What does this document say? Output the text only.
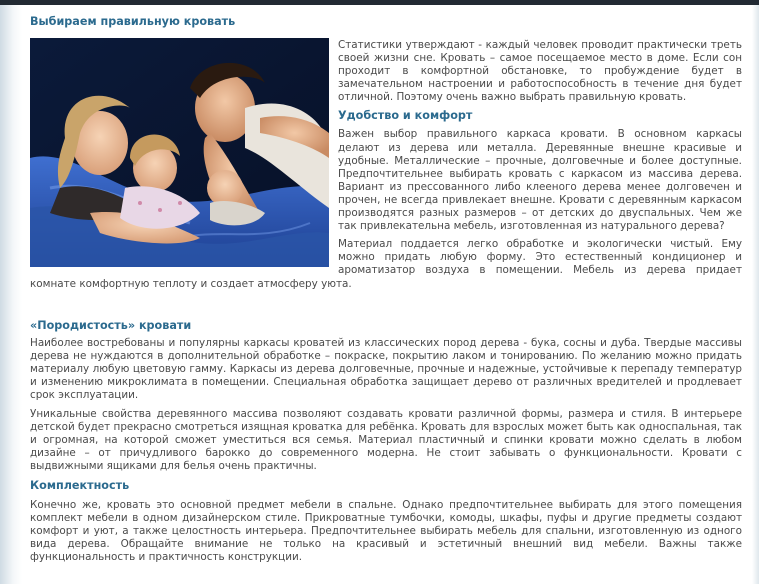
Выбираем правильную кровать

Статистики утверждают - каждый человек проводит практически треть своей жизни сне. Кровать – самое посещаемое место в доме. Если сон проходит в комфортной обстановке, то пробуждение будет в замечательном настроении и работоспособность в течение дня будет отличной. Поэтому очень важно выбрать правильную кровать.

Удобство и комфорт

Важен выбор правильного каркаса кровати. В основном каркасы делают из дерева или металла. Деревянные внешне красивые и удобные. Металлические – прочные, долговечные и более доступные. Предпочтительнее выбирать кровать с каркасом из массива дерева. Вариант из прессованного либо клееного дерева менее долговечен и прочен, не всегда привлекает внешне. Кровати с деревянным каркасом производятся разных размеров – от детских до двуспальных. Чем же так привлекательна мебель, изготовленная из натурального дерева?

Материал поддается легко обработке и экологически чистый. Ему можно придать любую форму. Это естественный кондиционер и ароматизатор воздуха в помещении. Мебель из дерева придает комнате комфортную теплоту и создает атмосферу уюта.

«Породистость» кровати

Наиболее востребованы и популярны каркасы кроватей из классических пород дерева - бука, сосны и дуба. Твердые массивы дерева не нуждаются в дополнительной обработке – покраске, покрытию лаком и тонированию. По желанию можно придать материалу любую цветовую гамму. Каркасы из дерева долговечные, прочные и надежные, устойчивые к перепаду температур и изменению микроклимата в помещении. Специальная обработка защищает дерево от различных вредителей и продлевает срок эксплуатации.

Уникальные свойства деревянного массива позволяют создавать кровати различной формы, размера и стиля. В интерьере детской будет прекрасно смотреться изящная кроватка для ребёнка. Кровать для взрослых может быть как односпальная, так и огромная, на которой сможет уместиться вся семья. Материал пластичный и спинки кровати можно сделать в любом дизайне – от причудливого барокко до современного модерна. Не стоит забывать о функциональности. Кровати с выдвижными ящиками для белья очень практичны.

Комплектность

Конечно же, кровать это основной предмет мебели в спальне. Однако предпочтительнее выбирать для этого помещения комплект мебели в одном дизайнерском стиле. Прикроватные тумбочки, комоды, шкафы, пуфы и другие предметы создают комфорт и уют, а также целостность интерьера. Предпочтительнее выбирать мебель для спальни, изготовленную из одного вида дерева. Обращайте внимание не только на красивый и эстетичный внешний вид мебели. Важны также функциональность и практичность конструкции.
